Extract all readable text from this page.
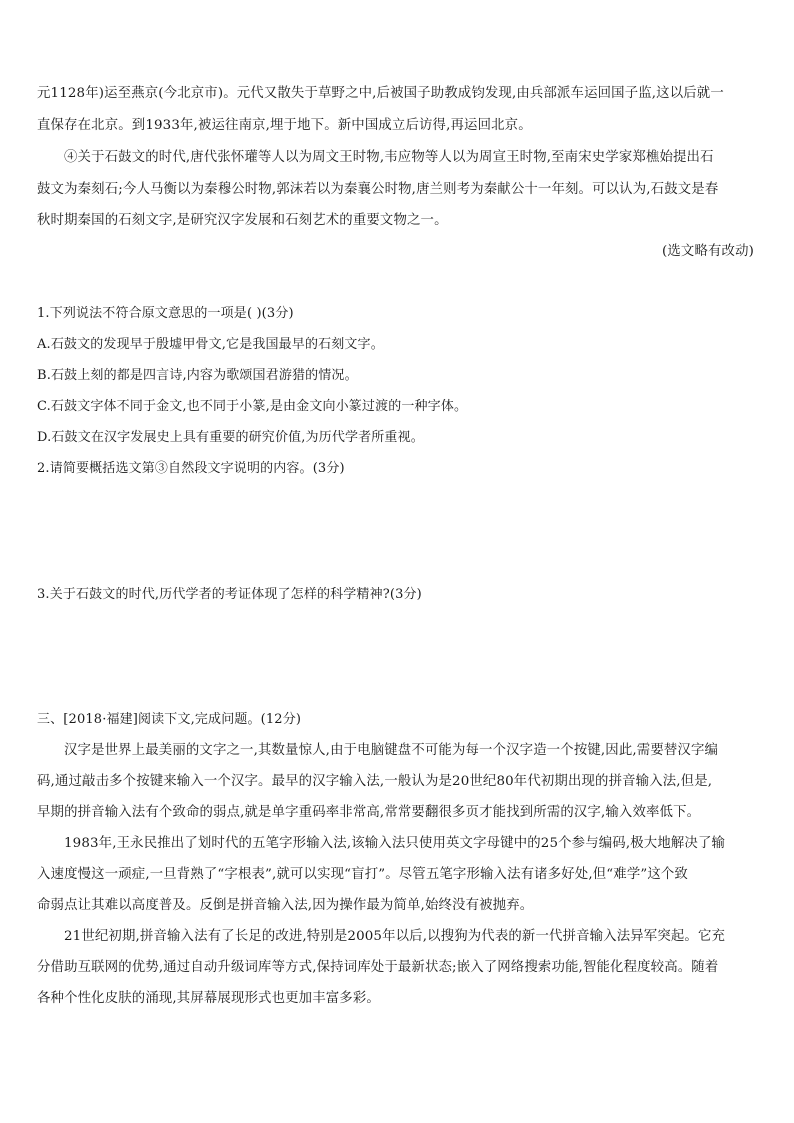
元1128年)运至燕京(今北京市)。元代又散失于草野之中,后被国子助教成钧发现,由兵部派车运回国子监,这以后就一
直保存在北京。到1933年,被运往南京,埋于地下。新中国成立后访得,再运回北京。
④关于石鼓文的时代,唐代张怀瓘等人以为周文王时物,韦应物等人以为周宣王时物,至南宋史学家郑樵始提出石
鼓文为秦刻石;今人马衡以为秦穆公时物,郭沫若以为秦襄公时物,唐兰则考为秦献公十一年刻。可以认为,石鼓文是春
秋时期秦国的石刻文字,是研究汉字发展和石刻艺术的重要文物之一。
(选文略有改动)
1.下列说法不符合原文意思的一项是( )(3分)
A.石鼓文的发现早于殷墟甲骨文,它是我国最早的石刻文字。
B.石鼓上刻的都是四言诗,内容为歌颂国君游猎的情况。
C.石鼓文字体不同于金文,也不同于小篆,是由金文向小篆过渡的一种字体。
D.石鼓文在汉字发展史上具有重要的研究价值,为历代学者所重视。
2.请简要概括选文第③自然段文字说明的内容。(3分)
3.关于石鼓文的时代,历代学者的考证体现了怎样的科学精神?(3分)
三、[2018·福建]阅读下文,完成问题。(12分)
汉字是世界上最美丽的文字之一,其数量惊人,由于电脑键盘不可能为每一个汉字造一个按键,因此,需要替汉字编
码,通过敲击多个按键来输入一个汉字。最早的汉字输入法,一般认为是20世纪80年代初期出现的拼音输入法,但是,
早期的拼音输入法有个致命的弱点,就是单字重码率非常高,常常要翻很多页才能找到所需的汉字,输入效率低下。
1983年,王永民推出了划时代的五笔字形输入法,该输入法只使用英文字母键中的25个参与编码,极大地解决了输
入速度慢这一顽症,一旦背熟了“字根表”,就可以实现“盲打”。尽管五笔字形输入法有诸多好处,但“难学”这个致
命弱点让其难以高度普及。反倒是拼音输入法,因为操作最为简单,始终没有被抛弃。
21世纪初期,拼音输入法有了长足的改进,特别是2005年以后,以搜狗为代表的新一代拼音输入法异军突起。它充
分借助互联网的优势,通过自动升级词库等方式,保持词库处于最新状态;嵌入了网络搜索功能,智能化程度较高。随着
各种个性化皮肤的涌现,其屏幕展现形式也更加丰富多彩。
